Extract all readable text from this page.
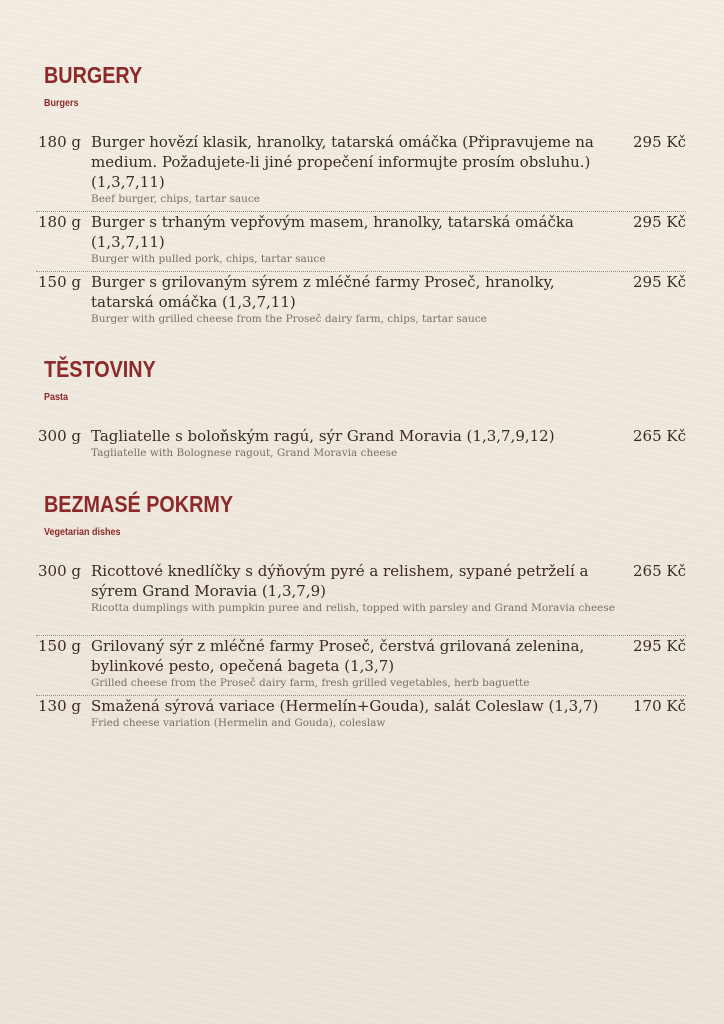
BURGERY
Burgers
180 g Burger hovězí klasik, hranolky, tatarská omáčka (Připravujeme na medium. Požadujete-li jiné propečení informujte prosím obsluhu.) (1,3,7,11)
295 Kč
Beef burger, chips, tartar sauce
180 g Burger s trhaným vepřovým masem, hranolky, tatarská omáčka (1,3,7,11)
295 Kč
Burger with pulled pork, chips, tartar sauce
150 g Burger s grilovaným sýrem z mléčné farmy Proseč, hranolky, tatarská omáčka (1,3,7,11)
295 Kč
Burger with grilled cheese from the Proseč dairy farm, chips, tartar sauce
TĚSTOVINY
Pasta
300 g Tagliatelle s boloňským ragú, sýr Grand Moravia (1,3,7,9,12)	265 Kč
Tagliatelle with Bolognese ragout, Grand Moravia cheese
BEZMASÉ POKRMY
Vegetarian dishes
300 g Ricottové knedlíčky s dýňovým pyré a relishem, sypané petrželí a sýrem Grand Moravia (1,3,7,9)
265 Kč
Ricotta dumplings with pumpkin puree and relish, topped with parsley and Grand Moravia cheese
150 g Grilovaný sýr z mléčné farmy Proseč, čerstvá grilovaná zelenina, bylinkové pesto, opečená bageta (1,3,7)
295 Kč
Grilled cheese from the Proseč dairy farm, fresh grilled vegetables, herb baguette
130 g Smažená sýrová variace (Hermelín+Gouda), salát Coleslaw (1,3,7)	170 Kč
Fried cheese variation (Hermelin and Gouda), coleslaw
